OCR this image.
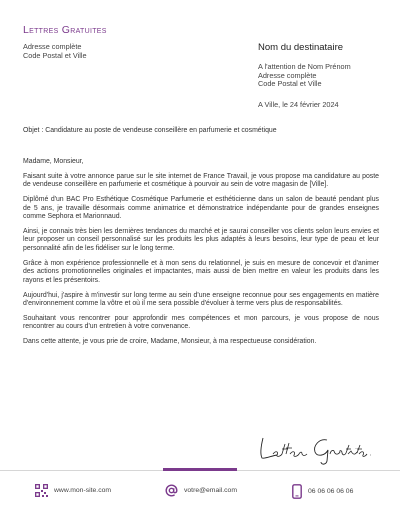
Lettres Gratuites
Adresse complète
Code Postal et Ville
Nom du destinataire
A l'attention de Nom Prénom
Adresse complète
Code Postal et Ville
A Ville, le 24 février 2024
Objet : Candidature au poste de vendeuse conseillère en parfumerie et cosmétique

Madame, Monsieur,

Faisant suite à votre annonce parue sur le site internet de France Travail, je vous propose ma candidature au poste de vendeuse conseillère en parfumerie et cosmétique à pourvoir au sein de votre magasin de [Ville].

Diplômé d'un BAC Pro Esthétique Cosmétique Parfumerie et esthéticienne dans un salon de beauté pendant plus de 5 ans, je travaille désormais comme animatrice et démonstratrice indépendante pour de grandes enseignes comme Sephora et Marionnaud.

Ainsi, je connais très bien les dernières tendances du marché et je saurai conseiller vos clients selon leurs envies et leur proposer un conseil personnalisé sur les produits les plus adaptés à leurs besoins, leur type de peau et leur personnalité afin de les fidéliser sur le long terme.

Grâce à mon expérience professionnelle et à mon sens du relationnel, je suis en mesure de concevoir et d'animer des actions promotionnelles originales et impactantes, mais aussi de bien mettre en valeur les produits dans les rayons et les présentoirs.

Aujourd'hui, j'aspire à m'investir sur long terme au sein d'une enseigne reconnue pour ses engagements en matière d'environnement comme la vôtre et où il me sera possible d'évoluer à terme vers plus de responsabilités.

Souhaitant vous rencontrer pour approfondir mes compétences et mon parcours, je vous propose de nous rencontrer au cours d'un entretien à votre convenance.

Dans cette attente, je vous prie de croire, Madame, Monsieur, à ma respectueuse considération.

www.mon-site.com	votre@email.com	06 06 06 06 06
